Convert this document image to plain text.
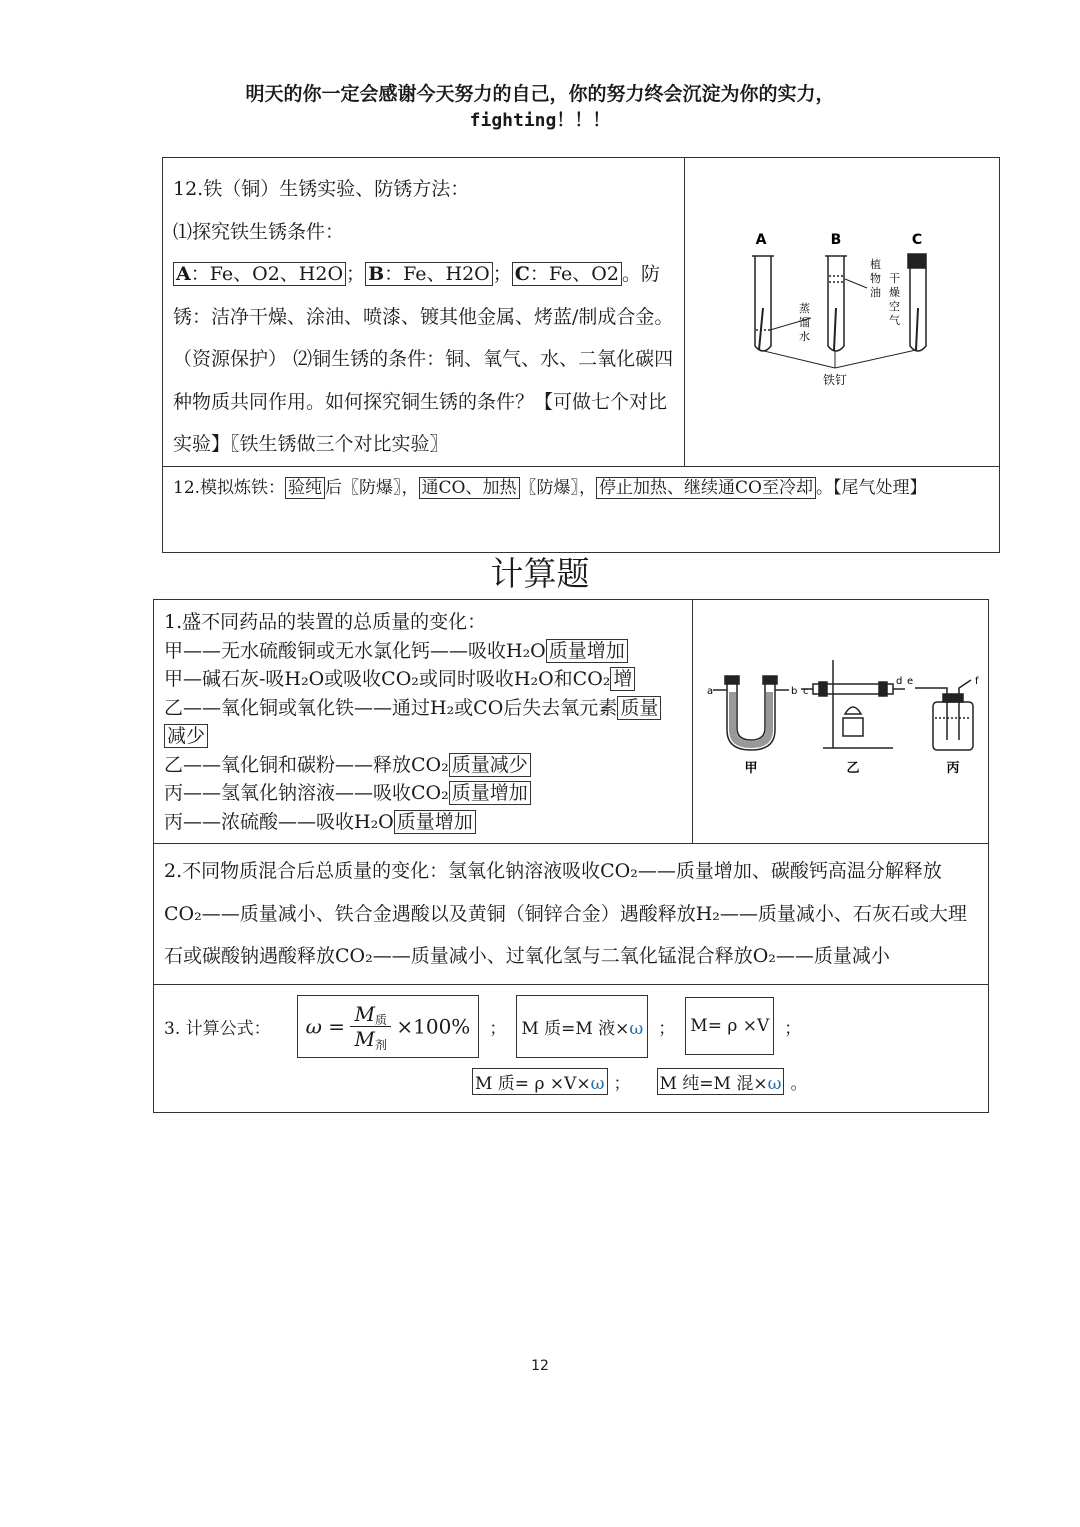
明天的你一定会感谢今天努力的自己，你的努力终会沉淀为你的实力，
fighting！！！
12.铁（铜）生锈实验、防锈方法：
⑴探究铁生锈条件：
A：Fe、O2、H2O ； B：Fe、H2O ； C：Fe、O2 。防锈：洁净干燥、涂油、喷漆、镀其他金属、烤蓝/制成合金。（资源保护） ⑵铜生锈的条件：铜、氧气、水、二氧化碳四种物质共同作用。如何探究铜生锈的条件？【可做七个对比实验】〖铁生锈做三个对比实验〗

A	B	C
植
物
油
干
燥
空
气
蒸
馏
水
铁钉

12.模拟炼铁： 验纯 后〖防爆〗， 通CO、加热 〖防爆〗， 停止加热、继续通CO至冷却 。【尾气处理】
计算题
1.盛不同药品的装置的总质量的变化：
甲——无水硫酸铜或无水氯化钙——吸收H₂O 质量增加
甲—碱石灰-吸H₂O或吸收CO₂或同时吸收H₂O和CO₂ 增
乙——氧化铜或氧化铁——通过H₂或CO后失去氧元素 质量
减少
乙——氧化铜和碳粉——释放CO₂ 质量减少
丙——氢氧化钠溶液——吸收CO₂ 质量增加
丙——浓硫酸——吸收H₂O 质量增加

a	b c
d e	f
甲	乙	丙

2.不同物质混合后总质量的变化：氢氧化钠溶液吸收CO₂——质量增加、碳酸钙高温分解释放CO₂——质量减小、铁合金遇酸以及黄铜（铜锌合金）遇酸释放H₂——质量减小、石灰石或大理石或碳酸钠遇酸释放CO₂——质量减小、过氧化氢与二氧化锰混合释放O₂——质量减小

3. 计算公式：	ω =
$M_质$
$M_剂$
×100%	； M 质=M 液×ω ； M= ρ ×V ；
M 质= ρ ×V×ω ； M 纯=M 混×ω 。
12
